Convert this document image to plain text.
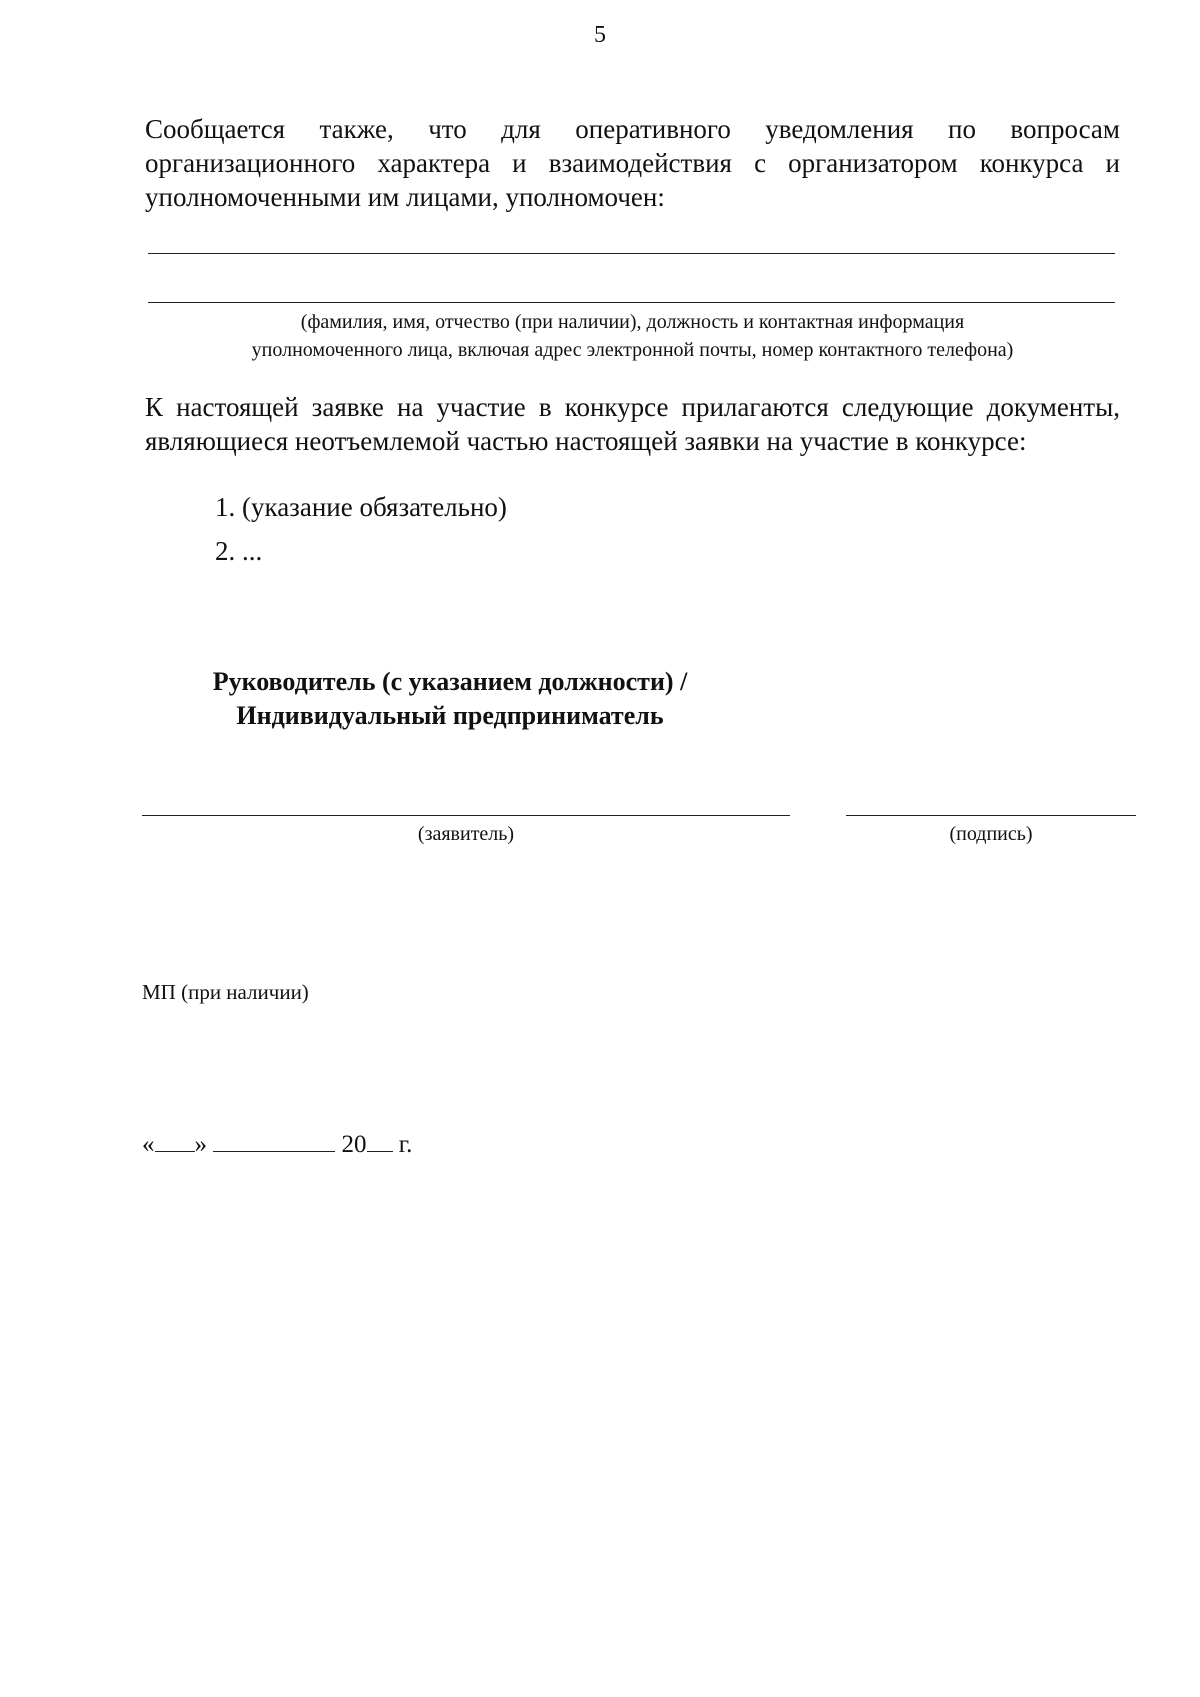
5

Сообщается также, что для оперативного уведомления по вопросам организационного характера и взаимодействия с организатором конкурса и уполномоченными им лицами, уполномочен:

(фамилия, имя, отчество (при наличии), должность и контактная информация
уполномоченного лица, включая адрес электронной почты, номер контактного телефона)

К настоящей заявке на участие в конкурсе прилагаются следующие документы, являющиеся неотъемлемой частью настоящей заявки на участие в конкурсе:

1. (указание обязательно)
2. ...
Руководитель (с указанием должности) /
Индивидуальный предприниматель
(заявитель)	(подпись)
МП (при наличии)
« »	20 г.
